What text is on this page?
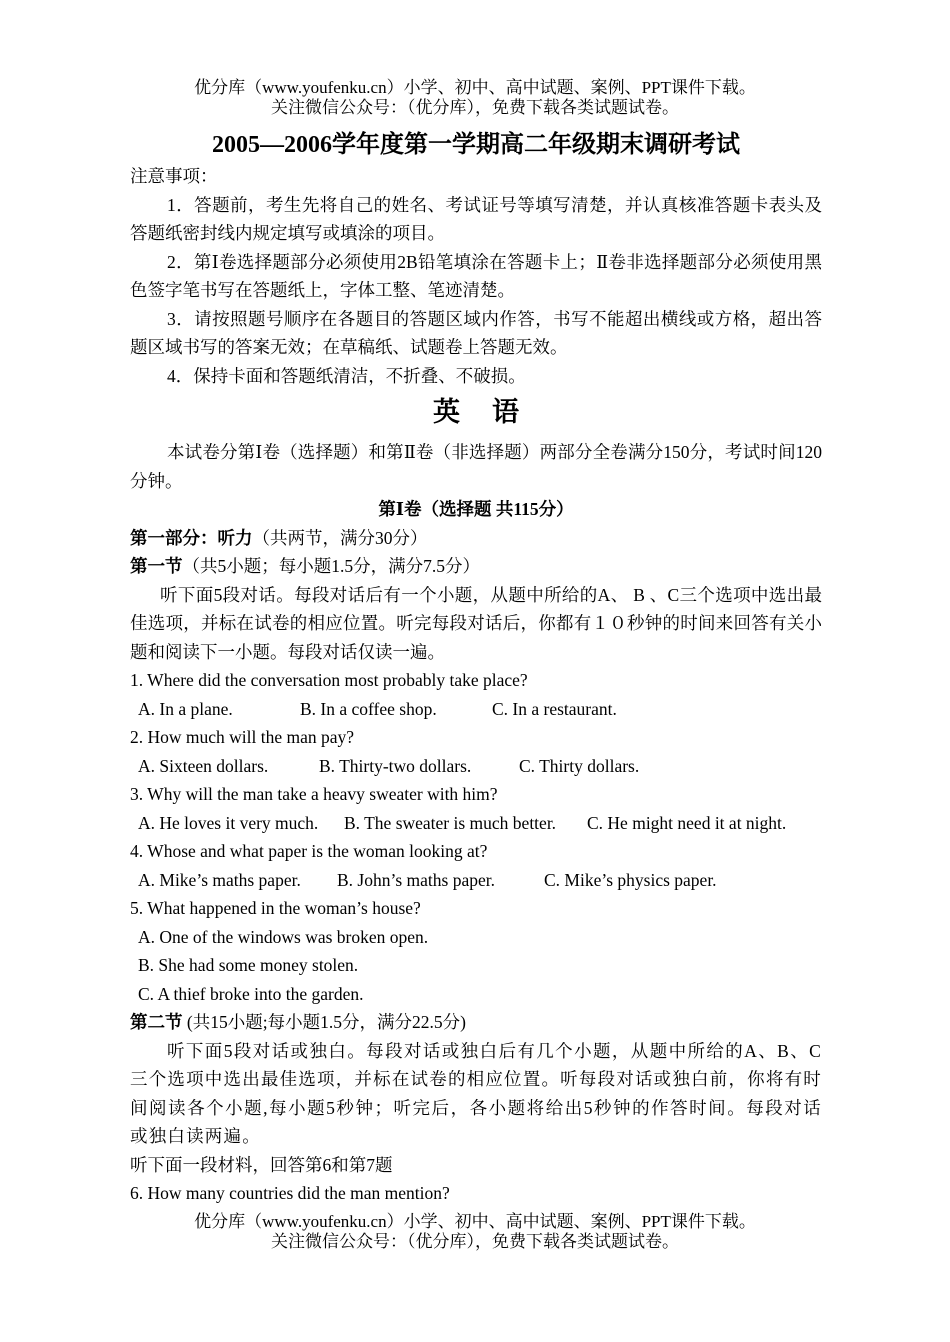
优分库（www.youfenku.cn）小学、初中、高中试题、案例、PPT课件下载。
关注微信公众号：（优分库），免费下载各类试题试卷。
2005—2006学年度第一学期高二年级期末调研考试
注意事项：

1．答题前，考生先将自己的姓名、考试证号等填写清楚，并认真核准答题卡表头及答题纸密封线内规定填写或填涂的项目。

2．第Ⅰ卷选择题部分必须使用2B铅笔填涂在答题卡上；Ⅱ卷非选择题部分必须使用黑色签字笔书写在答题纸上，字体工整、笔迹清楚。

3．请按照题号顺序在各题目的答题区域内作答，书写不能超出横线或方格，超出答题区域书写的答案无效；在草稿纸、试题卷上答题无效。

4．保持卡面和答题纸清洁，不折叠、不破损。

英语

本试卷分第Ⅰ卷（选择题）和第Ⅱ卷（非选择题）两部分全卷满分150分，考试时间120分钟。

第Ⅰ卷（选择题 共115分）
第一部分：听力（共两节，满分30分）
第一节（共5小题；每小题1.5分，满分7.5分）

听下面5段对话。每段对话后有一个小题，从题中所给的A、 B 、C三个选项中选出最佳选项，并标在试卷的相应位置。听完每段对话后，你都有１０秒钟的时间来回答有关小题和阅读下一小题。每段对话仅读一遍。

1. Where did the conversation most probably take place?
A. In a plane.	B. In a coffee shop.	C. In a restaurant.
2. How much will the man pay?
A. Sixteen dollars.	B. Thirty-two dollars.	C. Thirty dollars.
3. Why will the man take a heavy sweater with him?
A. He loves it very much. B. The sweater is much better. C. He might need it at night.
4. Whose and what paper is the woman looking at?
A. Mike’s maths paper. B. John’s maths paper.	C. Mike’s physics paper.
5. What happened in the woman’s house?
A. One of the windows was broken open.
B. She had some money stolen.
C. A thief broke into the garden.
第二节 (共15小题;每小题1.5分，满分22.5分)

听下面5段对话或独白。每段对话或独白后有几个小题，从题中所给的A、B、C三个选项中选出最佳选项，并标在试卷的相应位置。听每段对话或独白前，你将有时间阅读各个小题,每小题5秒钟；听完后，各小题将给出5秒钟的作答时间。每段对话或独白读两遍。

听下面一段材料，回答第6和第7题
6. How many countries did the man mention?
优分库（www.youfenku.cn）小学、初中、高中试题、案例、PPT课件下载。
关注微信公众号：（优分库），免费下载各类试题试卷。
